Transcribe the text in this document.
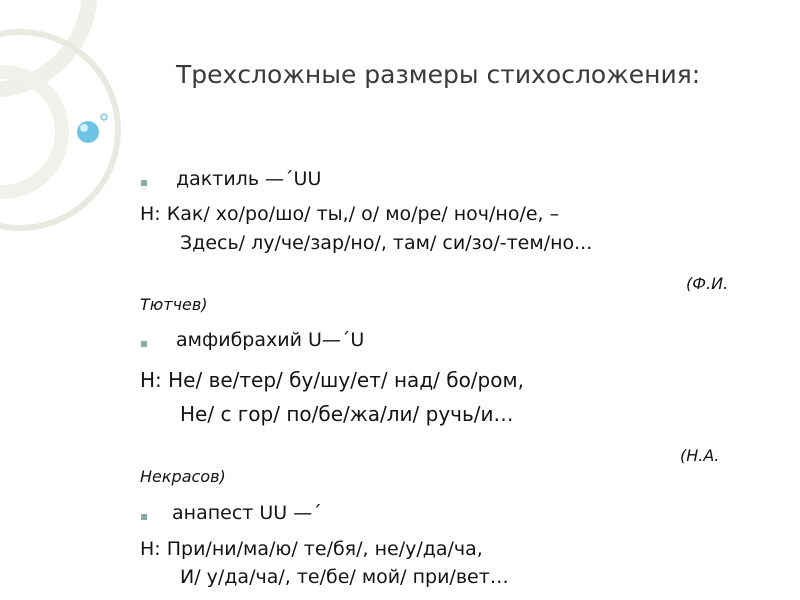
Трехсложные размеры стихосложения:
▪ дактиль —´UU
Н: Как/ хо/ро/шо/ ты,/ о/ мо/ре/ ноч/но/е, –
Здесь/ лу/че/зар/но/, там/ си/зо/-тем/но...
(Ф.И.
Тютчев)
▪ амфибрахий U—´U
Н: Не/ ве/тер/ бу/шу/ет/ над/ бо/ром,
Не/ с гор/ по/бе/жа/ли/ ручь/и…
(Н.А.
Некрасов)
▪ анапест UU —´
Н: При/ни/ма/ю/ те/бя/, не/у/да/ча,
И/ у/да/ча/, те/бе/ мой/ при/вет…
